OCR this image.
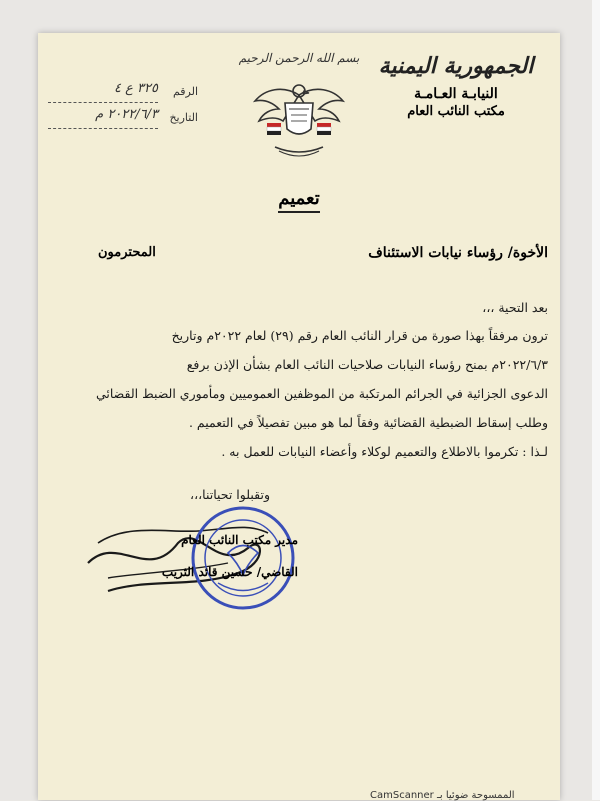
الجمهورية اليمنية
النيابـة العـامـة
مكتب النائب العام
بسم الله الرحمن الرحيم
الرقم
٣٢٥ ع ٤
التاريخ
٢٠٢٢/٦/٣ م
تعميم
الأخوة/ رؤساء نيابات الاستئناف
المحترمون
بعد التحية ،،،
ترون مرفقاً بهذا صورة من قرار النائب العام رقم (٢٩) لعام ٢٠٢٢م وتاريخ
٢٠٢٢/٦/٣م بمنح رؤساء النيابات صلاحيات النائب العام بشأن الإذن برفع
الدعوى الجزائية في الجرائم المرتكبة من الموظفين العموميين ومأموري الضبط القضائي
وطلب إسقاط الضبطية القضائية وفقاً لما هو مبين تفصيلاً في التعميم .
لـذا : تكرموا بالاطلاع والتعميم لوكلاء وأعضاء النيابات للعمل به .
وتقبلوا تحياتنا،،،
مدير مكتب النائب العام
القاضي/ حسين قائد الثريب
CamScanner الممسوحة ضوئيا بـ
